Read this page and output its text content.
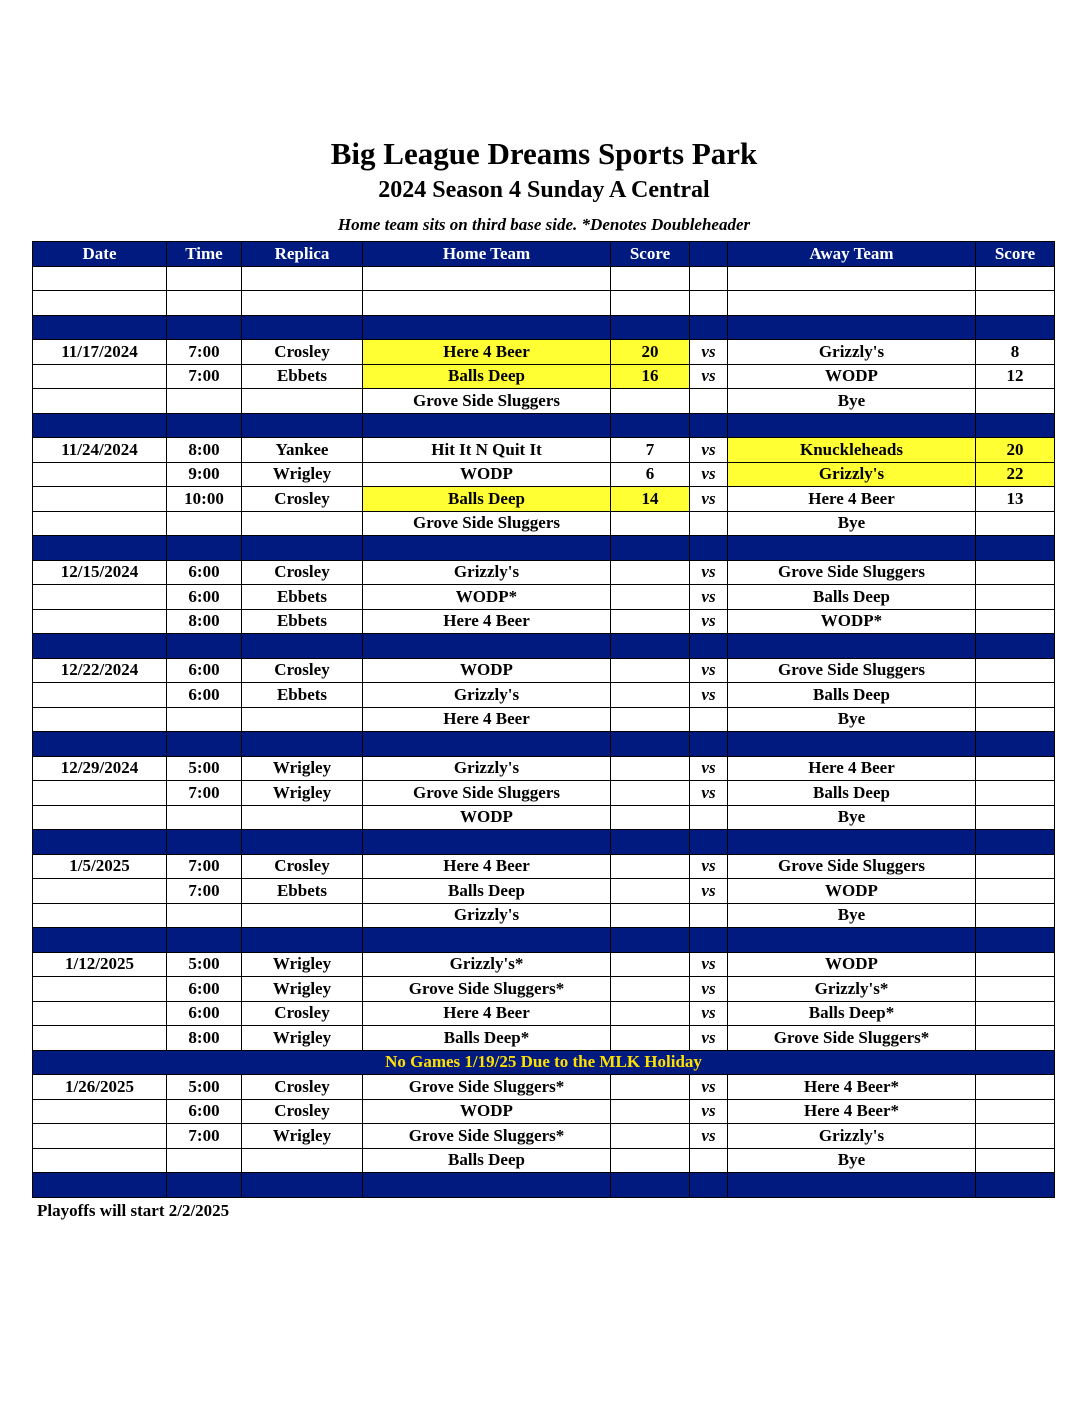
Big League Dreams Sports Park
2024 Season 4 Sunday A Central
Home team sits on third base side. *Denotes Doubleheader
Date	Time	Replica	Home Team	Score		Away Team	Score

11/17/2024	7:00	Crosley	Here 4 Beer	20	vs	Grizzly's	8
	7:00	Ebbets	Balls Deep	16	vs	WODP	12
			Grove Side Sluggers			Bye	

11/24/2024	8:00	Yankee	Hit It N Quit It	7	vs	Knuckleheads	20
	9:00	Wrigley	WODP	6	vs	Grizzly's	22
	10:00	Crosley	Balls Deep	14	vs	Here 4 Beer	13
			Grove Side Sluggers			Bye	

12/15/2024	6:00	Crosley	Grizzly's		vs	Grove Side Sluggers	
	6:00	Ebbets	WODP*		vs	Balls Deep	
	8:00	Ebbets	Here 4 Beer		vs	WODP*	

12/22/2024	6:00	Crosley	WODP		vs	Grove Side Sluggers	
	6:00	Ebbets	Grizzly's		vs	Balls Deep	
			Here 4 Beer			Bye	

12/29/2024	5:00	Wrigley	Grizzly's		vs	Here 4 Beer	
	7:00	Wrigley	Grove Side Sluggers		vs	Balls Deep	
			WODP			Bye	

1/5/2025	7:00	Crosley	Here 4 Beer		vs	Grove Side Sluggers	
	7:00	Ebbets	Balls Deep		vs	WODP	
			Grizzly's			Bye	

1/12/2025	5:00	Wrigley	Grizzly's*		vs	WODP	
	6:00	Wrigley	Grove Side Sluggers*		vs	Grizzly's*	
	6:00	Crosley	Here 4 Beer		vs	Balls Deep*	
	8:00	Wrigley	Balls Deep*		vs	Grove Side Sluggers*	
No Games 1/19/25 Due to the MLK Holiday							
1/26/2025	5:00	Crosley	Grove Side Sluggers*		vs	Here 4 Beer*	
	6:00	Crosley	WODP		vs	Here 4 Beer*	
	7:00	Wrigley	Grove Side Sluggers*		vs	Grizzly's	
			Balls Deep			Bye	

Playoffs will start 2/2/2025
